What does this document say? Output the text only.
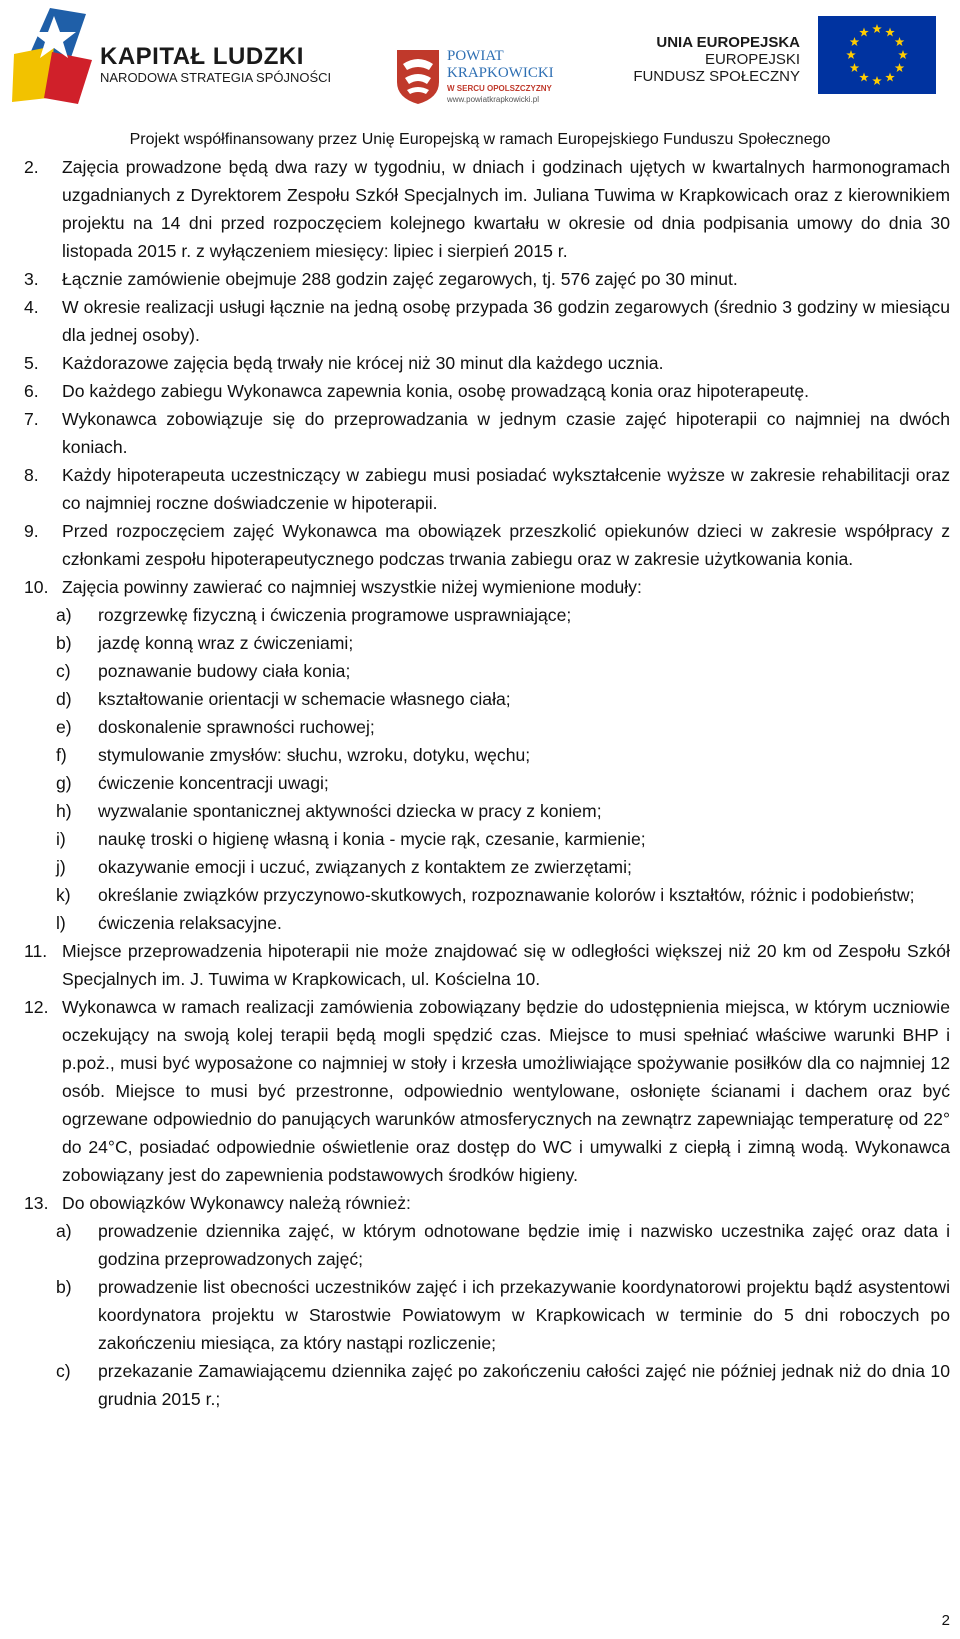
KAPITAŁ LUDZKI
NARODOWA STRATEGIA SPÓJNOŚCI
POWIAT
KRAPKOWICKI
W SERCU OPOLSZCZYZNY
www.powiatkrapkowicki.pl
UNIA EUROPEJSKA
EUROPEJSKI
FUNDUSZ SPOŁECZNY
Projekt współfinansowany przez Unię Europejską w ramach Europejskiego Funduszu Społecznego

2. Zajęcia prowadzone będą dwa razy w tygodniu, w dniach i godzinach ujętych w kwartalnych harmonogramach uzgadnianych z Dyrektorem Zespołu Szkół Specjalnych im. Juliana Tuwima w Krapkowicach oraz z kierownikiem projektu na 14 dni przed rozpoczęciem kolejnego kwartału w okresie od dnia podpisania umowy do dnia 30 listopada 2015 r. z wyłączeniem miesięcy: lipiec i sierpień 2015 r.

3. Łącznie zamówienie obejmuje 288 godzin zajęć zegarowych, tj. 576 zajęć po 30 minut.

4. W okresie realizacji usługi łącznie na jedną osobę przypada 36 godzin zegarowych (średnio 3 godziny w miesiącu dla jednej osoby).

5. Każdorazowe zajęcia będą trwały nie krócej niż 30 minut dla każdego ucznia.

6. Do każdego zabiegu Wykonawca zapewnia konia, osobę prowadzącą konia oraz hipoterapeutę.

7. Wykonawca zobowiązuje się do przeprowadzania w jednym czasie zajęć hipoterapii co najmniej na dwóch koniach.

8. Każdy hipoterapeuta uczestniczący w zabiegu musi posiadać wykształcenie wyższe w zakresie rehabilitacji oraz co najmniej roczne doświadczenie w hipoterapii.

9. Przed rozpoczęciem zajęć Wykonawca ma obowiązek przeszkolić opiekunów dzieci w zakresie współpracy z członkami zespołu hipoterapeutycznego podczas trwania zabiegu oraz w zakresie użytkowania konia.

10. Zajęcia powinny zawierać co najmniej wszystkie niżej wymienione moduły:

a) rozgrzewkę fizyczną i ćwiczenia programowe usprawniające;

b) jazdę konną wraz z ćwiczeniami;

c) poznawanie budowy ciała konia;

d) kształtowanie orientacji w schemacie własnego ciała;

e) doskonalenie sprawności ruchowej;

f) stymulowanie zmysłów: słuchu, wzroku, dotyku, węchu;

g) ćwiczenie koncentracji uwagi;

h) wyzwalanie spontanicznej aktywności dziecka w pracy z koniem;

i) naukę troski o higienę własną i konia - mycie rąk, czesanie, karmienie;

j) okazywanie emocji i uczuć, związanych z kontaktem ze zwierzętami;

k) określanie związków przyczynowo-skutkowych, rozpoznawanie kolorów i kształtów, różnic i podobieństw;

l) ćwiczenia relaksacyjne.

11. Miejsce przeprowadzenia hipoterapii nie może znajdować się w odległości większej niż 20 km od Zespołu Szkół Specjalnych im. J. Tuwima w Krapkowicach, ul. Kościelna 10.

12. Wykonawca w ramach realizacji zamówienia zobowiązany będzie do udostępnienia miejsca, w którym uczniowie oczekujący na swoją kolej terapii będą mogli spędzić czas. Miejsce to musi spełniać właściwe warunki BHP i p.poż., musi być wyposażone co najmniej w stoły i krzesła umożliwiające spożywanie posiłków dla co najmniej 12 osób. Miejsce to musi być przestronne, odpowiednio wentylowane, osłonięte ścianami i dachem oraz być ogrzewane odpowiednio do panujących warunków atmosferycznych na zewnątrz zapewniając temperaturę od 22° do 24°C, posiadać odpowiednie oświetlenie oraz dostęp do WC i umywalki z ciepłą i zimną wodą. Wykonawca zobowiązany jest do zapewnienia podstawowych środków higieny.

13. Do obowiązków Wykonawcy należą również:

a) prowadzenie dziennika zajęć, w którym odnotowane będzie imię i nazwisko uczestnika zajęć oraz data i godzina przeprowadzonych zajęć;

b) prowadzenie list obecności uczestników zajęć i ich przekazywanie koordynatorowi projektu bądź asystentowi koordynatora projektu w Starostwie Powiatowym w Krapkowicach w terminie do 5 dni roboczych po zakończeniu miesiąca, za który nastąpi rozliczenie;

c) przekazanie Zamawiającemu dziennika zajęć po zakończeniu całości zajęć nie później jednak niż do dnia 10 grudnia 2015 r.;

2
